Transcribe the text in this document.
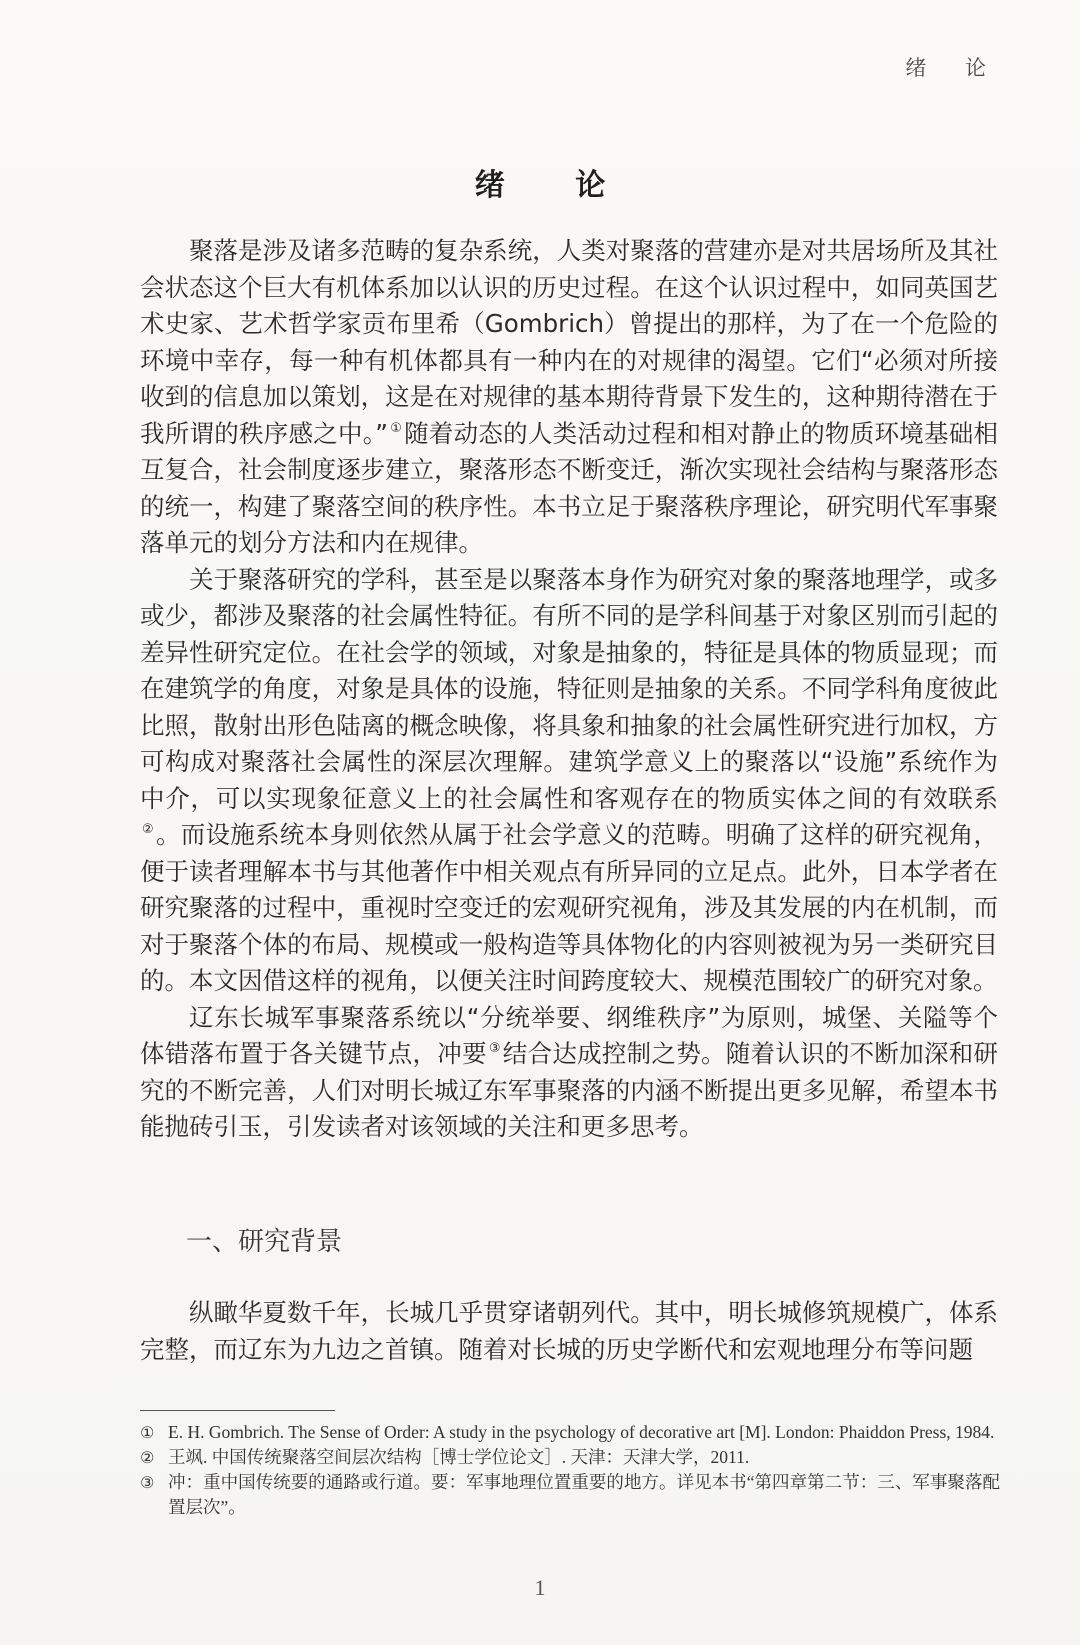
绪 论
绪 论

聚落是涉及诸多范畴的复杂系统，人类对聚落的营建亦是对共居场所及其社会状态这个巨大有机体系加以认识的历史过程。在这个认识过程中，如同英国艺术史家、艺术哲学家贡布里希（Gombrich）曾提出的那样，为了在一个危险的环境中幸存，每一种有机体都具有一种内在的对规律的渴望。它们“必须对所接收到的信息加以策划，这是在对规律的基本期待背景下发生的，这种期待潜在于我所谓的秩序感之中。” ①随着动态的人类活动过程和相对静止的物质环境基础相互复合，社会制度逐步建立，聚落形态不断变迁，渐次实现社会结构与聚落形态的统一，构建了聚落空间的秩序性。本书立足于聚落秩序理论，研究明代军事聚落单元的划分方法和内在规律。

关于聚落研究的学科，甚至是以聚落本身作为研究对象的聚落地理学，或多或少，都涉及聚落的社会属性特征。有所不同的是学科间基于对象区别而引起的差异性研究定位。在社会学的领域，对象是抽象的，特征是具体的物质显现；而在建筑学的角度，对象是具体的设施，特征则是抽象的关系。不同学科角度彼此比照，散射出形色陆离的概念映像，将具象和抽象的社会属性研究进行加权，方可构成对聚落社会属性的深层次理解。建筑学意义上的聚落以“设施”系统作为中介，可以实现象征意义上的社会属性和客观存在的物质实体之间的有效联系②。而设施系统本身则依然从属于社会学意义的范畴。明确了这样的研究视角，便于读者理解本书与其他著作中相关观点有所异同的立足点。此外，日本学者在研究聚落的过程中，重视时空变迁的宏观研究视角，涉及其发展的内在机制，而对于聚落个体的布局、规模或一般构造等具体物化的内容则被视为另一类研究目的。本文因借这样的视角，以便关注时间跨度较大、规模范围较广的研究对象。

辽东长城军事聚落系统以“分统举要、纲维秩序”为原则，城堡、关隘等个体错落布置于各关键节点，冲要 ③结合达成控制之势。随着认识的不断加深和研究的不断完善，人们对明长城辽东军事聚落的内涵不断提出更多见解，希望本书能抛砖引玉，引发读者对该领域的关注和更多思考。

一、研究背景

纵瞰华夏数千年，长城几乎贯穿诸朝列代。其中，明长城修筑规模广，体系完整，而辽东为九边之首镇。随着对长城的历史学断代和宏观地理分布等问题

① E. H. Gombrich. The Sense of Order: A study in the psychology of decorative art [M]. London: Phaiddon Press, 1984.
② 王飒. 中国传统聚落空间层次结构［博士学位论文］. 天津：天津大学，2011.
③ 冲：重中国传统要的通路或行道。要：军事地理位置重要的地方。详见本书“第四章第二节：三、军事聚落配置层次”。
1
